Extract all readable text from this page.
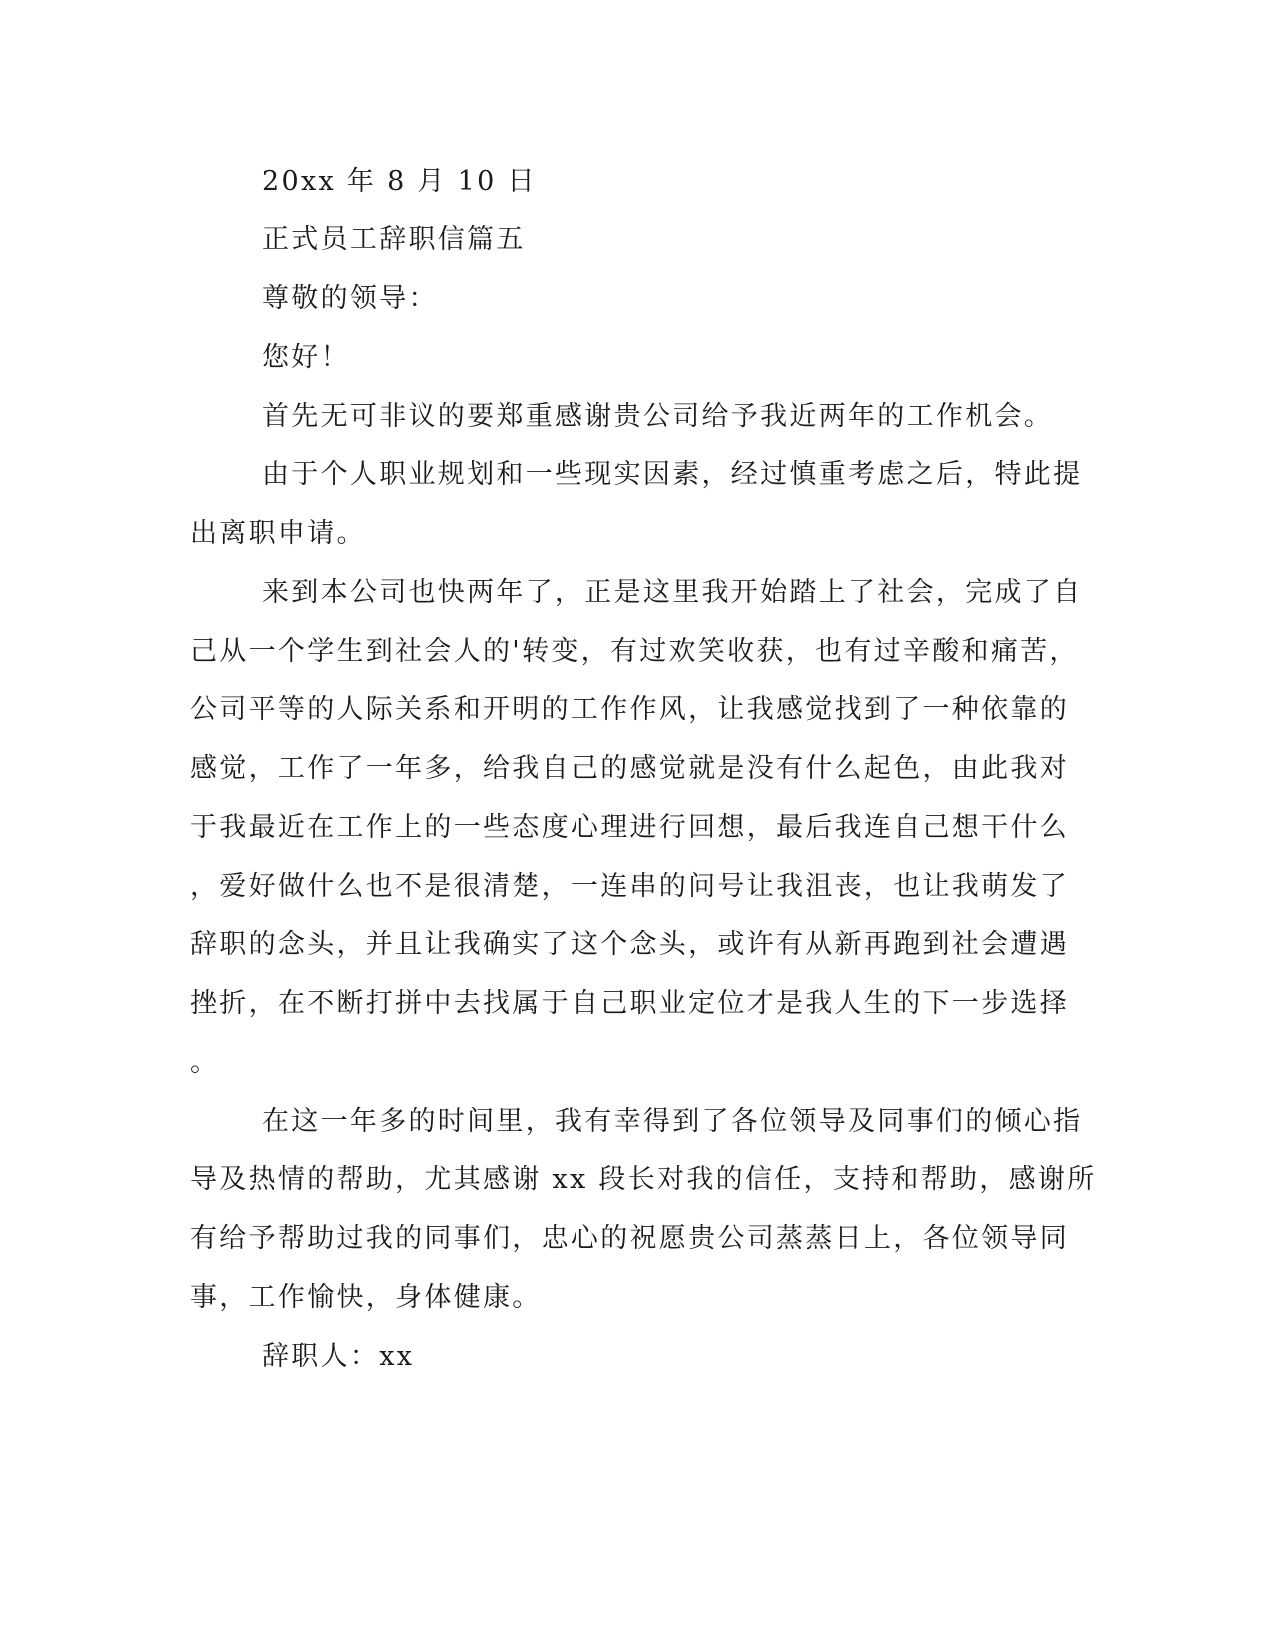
20xx 年 8 月 10 日
正式员工辞职信篇五
尊敬的领导：
您好！
首先无可非议的要郑重感谢贵公司给予我近两年的工作机会。
由于个人职业规划和一些现实因素，经过慎重考虑之后，特此提
出离职申请。
来到本公司也快两年了，正是这里我开始踏上了社会，完成了自
己从一个学生到社会人的'转变，有过欢笑收获，也有过辛酸和痛苦，
公司平等的人际关系和开明的工作作风，让我感觉找到了一种依靠的
感觉，工作了一年多，给我自己的感觉就是没有什么起色，由此我对
于我最近在工作上的一些态度心理进行回想，最后我连自己想干什么
，爱好做什么也不是很清楚，一连串的问号让我沮丧，也让我萌发了
辞职的念头，并且让我确实了这个念头，或许有从新再跑到社会遭遇
挫折，在不断打拼中去找属于自己职业定位才是我人生的下一步选择
。
在这一年多的时间里，我有幸得到了各位领导及同事们的倾心指
导及热情的帮助，尤其感谢 xx 段长对我的信任，支持和帮助，感谢所
有给予帮助过我的同事们，忠心的祝愿贵公司蒸蒸日上，各位领导同
事，工作愉快，身体健康。
辞职人：xx
